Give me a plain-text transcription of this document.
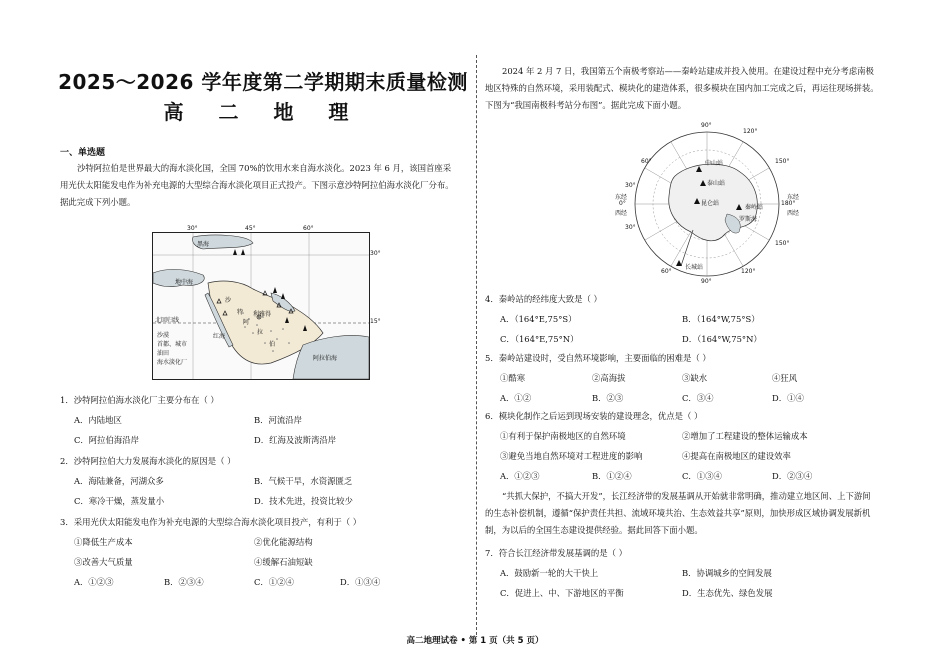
2025～2026 学年度第二学期期末质量检测
高 二 地 理
一、单选题
沙特阿拉伯是世界最大的海水淡化国，全国 70%的饮用水来自海水淡化。2023 年 6 月，该国首座采
用光伏太阳能发电作为补充电源的大型综合海水淡化项目正式投产。下图示意沙特阿拉伯海水淡化厂分布。
据此完成下列小题。
30°	45°	60°
30°
15°
黑海
地中海
沙
特
阿
拉
伯
利雅得
北回归线
红海
阿拉伯海
沙漠
首都、城市
油田
海水淡化厂
1．沙特阿拉伯海水淡化厂主要分布在（ ）
A．内陆地区	B．河流沿岸
C．阿拉伯海沿岸	D．红海及波斯湾沿岸
2．沙特阿拉伯大力发展海水淡化的原因是（ ）
A．海陆兼备，河湖众多	B．气候干旱，水资源匮乏
C．寒冷干燥，蒸发量小	D．技术先进，投资比较少
3．采用光伏太阳能发电作为补充电源的大型综合海水淡化项目投产，有利于（ ）
①降低生产成本	②优化能源结构
③改善大气质量	④缓解石油短缺
A．①②③	B．②③④	C．①②④	D．①③④
2024 年 2 月 7 日，我国第五个南极考察站——秦岭站建成并投入使用。在建设过程中充分考虑南极
地区特殊的自然环境，采用装配式、模块化的建造体系，很多模块在国内加工完成之后，再运往现场拼装。
下图为“我国南极科考站分布图”。据此完成下面小题。
90°
120°
60°
30°
150°
0°	180°
30°
150°
60°	120°
90°
东经
西经
东经
西经
中山站
泰山站
昆仑站
秦岭站
罗斯海
长城站
4．秦岭站的经纬度大致是（ ）
A．（164°E,75°S）	B．（164°W,75°S）
C．（164°E,75°N）	D．（164°W,75°N）
5．秦岭站建设时，受自然环境影响，主要面临的困难是（ ）
①酷寒	②高海拔	③缺水	④狂风
A．①②	B．②③	C．③④	D．①④
6．模块化制作之后运到现场安装的建设理念，优点是（ ）
①有利于保护南极地区的自然环境	②增加了工程建设的整体运输成本
③避免当地自然环境对工程进度的影响	④提高在南极地区的建设效率
A．①②③	B．①②④	C．①③④	D．②③④
“共抓大保护，不搞大开发”，长江经济带的发展基调从开始就非常明确，推动建立地区间、上下游间
的生态补偿机制，遵循“保护责任共担、流域环境共治、生态效益共享”原则，加快形成区域协调发展新机
制，为以后的全国生态建设提供经验。据此回答下面小题。
7．符合长江经济带发展基调的是（ ）
A．鼓励新一轮的大干快上	B．协调城乡的空间发展
C．促进上、中、下游地区的平衡	D．生态优先、绿色发展
高二地理试卷 • 第 1 页（共 5 页）
